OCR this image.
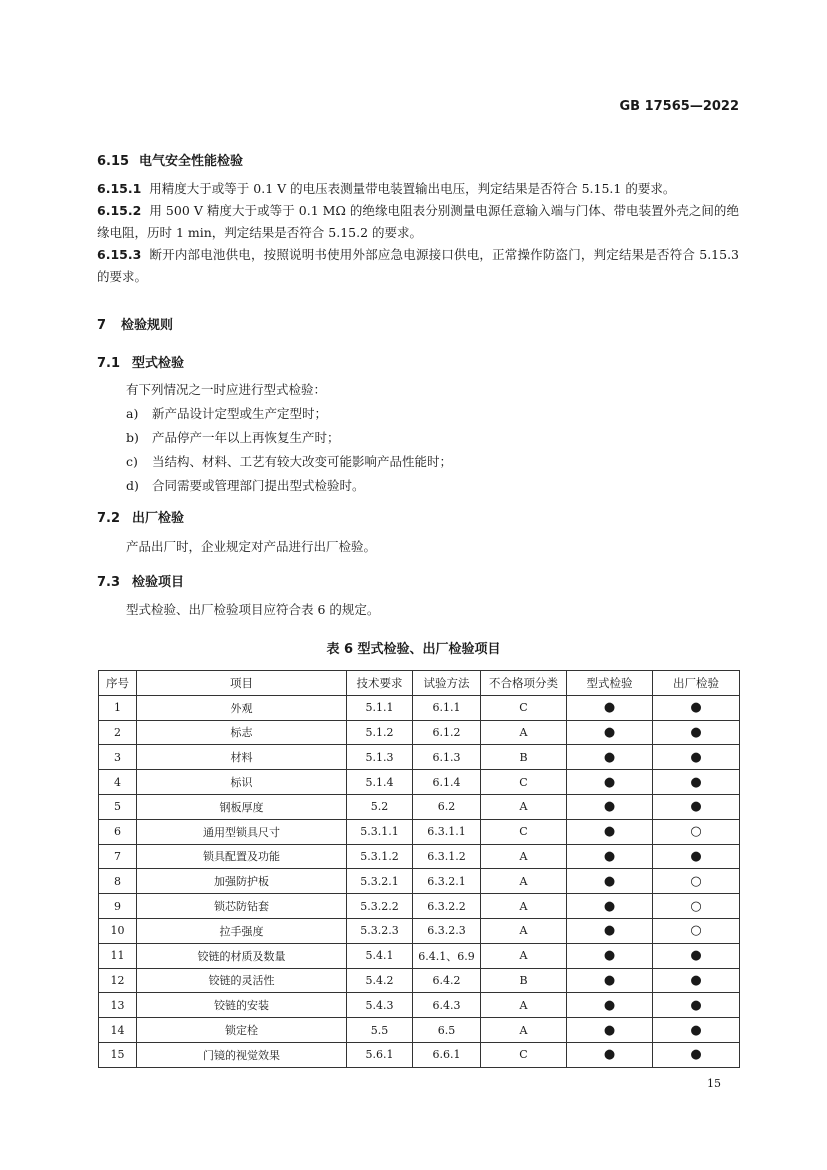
GB 17565—2022
6.15 电气安全性能检验
6.15.1 用精度大于或等于 0.1 V 的电压表测量带电装置输出电压，判定结果是否符合 5.15.1 的要求。
6.15.2 用 500 V 精度大于或等于 0.1 MΩ 的绝缘电阻表分别测量电源任意输入端与门体、带电装置外壳之间的绝缘电阻，历时 1 min，判定结果是否符合 5.15.2 的要求。
6.15.3 断开内部电池供电，按照说明书使用外部应急电源接口供电，正常操作防盗门，判定结果是否符合 5.15.3 的要求。
7 检验规则
7.1 型式检验
有下列情况之一时应进行型式检验：
a) 新产品设计定型或生产定型时；
b) 产品停产一年以上再恢复生产时；
c) 当结构、材料、工艺有较大改变可能影响产品性能时；
d) 合同需要或管理部门提出型式检验时。
7.2 出厂检验
产品出厂时，企业规定对产品进行出厂检验。
7.3 检验项目
型式检验、出厂检验项目应符合表 6 的规定。
表 6 型式检验、出厂检验项目
序号	项目	技术要求	试验方法	不合格项分类	型式检验	出厂检验
1	外观	5.1.1	6.1.1	C	●	●
2	标志	5.1.2	6.1.2	A	●	●
3	材料	5.1.3	6.1.3	B	●	●
4	标识	5.1.4	6.1.4	C	●	●
5	钢板厚度	5.2	6.2	A	●	●
6	通用型锁具尺寸	5.3.1.1	6.3.1.1	C	●	○
7	锁具配置及功能	5.3.1.2	6.3.1.2	A	●	●
8	加强防护板	5.3.2.1	6.3.2.1	A	●	○
9	锁芯防钻套	5.3.2.2	6.3.2.2	A	●	○
10	拉手强度	5.3.2.3	6.3.2.3	A	●	○
11	铰链的材质及数量	5.4.1	6.4.1、6.9	A	●	●
12	铰链的灵活性	5.4.2	6.4.2	B	●	●
13	铰链的安装	5.4.3	6.4.3	A	●	●
14	锁定栓	5.5	6.5	A	●	●
15	门镜的视觉效果	5.6.1	6.6.1	C	●	●
15
